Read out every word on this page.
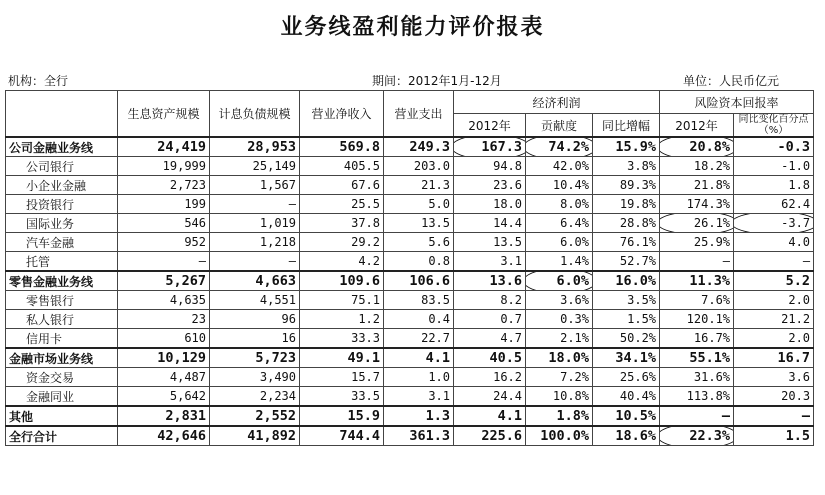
业务线盈利能力评价报表
机构：全行	期间：2012年1月-12月	单位：人民币亿元
	生息资产规模	计息负债规模	营业净收入	营业支出	经济利润			风险资本回报率	
					2012年	贡献度	同比增幅	2012年	同比变化百分点（%）
公司金融业务线	24,419	28,953	569.8	249.3	167.3	74.2%	15.9%	20.8%	-0.3

公司银行	19,999	25,149	405.5	203.0	94.8	42.0%	3.8%	18.2%	-1.0

小企业金融	2,723	1,567	67.6	21.3	23.6	10.4%	89.3%	21.8%	1.8

投资银行	199	–	25.5	5.0	18.0	8.0%	19.8%	174.3%	62.4

国际业务	546	1,019	37.8	13.5	14.4	6.4%	28.8%	26.1%	-3.7

汽车金融	952	1,218	29.2	5.6	13.5	6.0%	76.1%	25.9%	4.0

托管	–	–	4.2	0.8	3.1	1.4%	52.7%	–	–

零售金融业务线	5,267	4,663	109.6	106.6	13.6	6.0%	16.0%	11.3%	5.2

零售银行	4,635	4,551	75.1	83.5	8.2	3.6%	3.5%	7.6%	2.0

私人银行	23	96	1.2	0.4	0.7	0.3%	1.5%	120.1%	21.2

信用卡	610	16	33.3	22.7	4.7	2.1%	50.2%	16.7%	2.0

金融市场业务线	10,129	5,723	49.1	4.1	40.5	18.0%	34.1%	55.1%	16.7

资金交易	4,487	3,490	15.7	1.0	16.2	7.2%	25.6%	31.6%	3.6

金融同业	5,642	2,234	33.5	3.1	24.4	10.8%	40.4%	113.8%	20.3

其他	2,831	2,552	15.9	1.3	4.1	1.8%	10.5%	–	–

全行合计	42,646	41,892	744.4	361.3	225.6	100.0%	18.6%	22.3%	1.5
